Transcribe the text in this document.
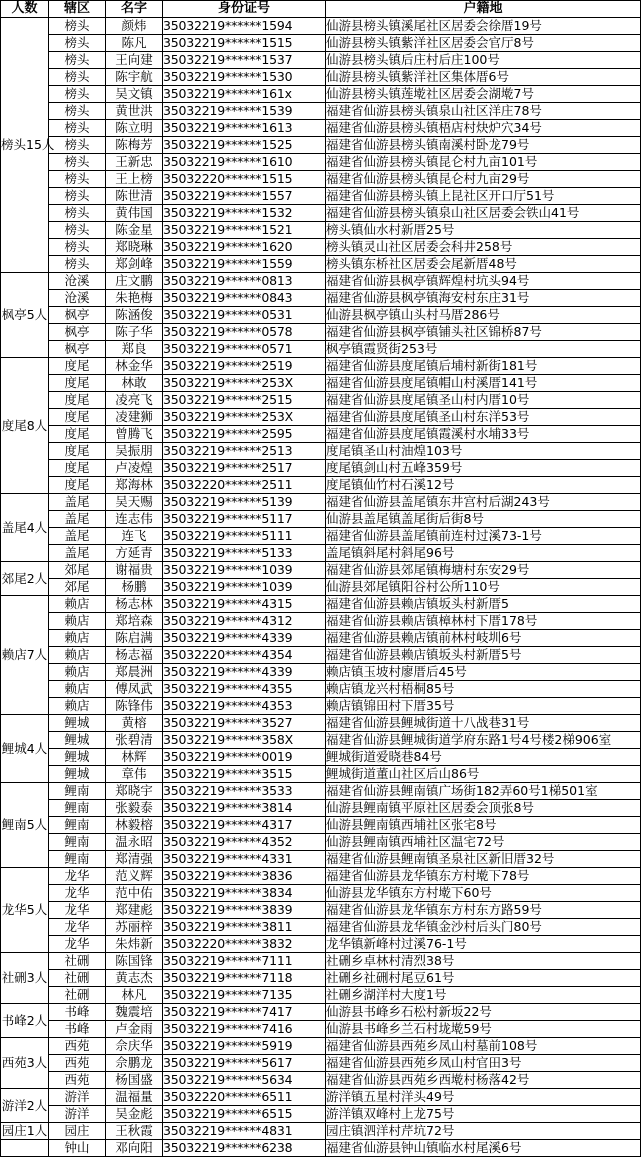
人数	辖区	名字	身份证号	户籍地
榜头15人	榜头	颜炜	35032219******1594	仙游县榜头镇溪尾社区居委会徐厝19号
	榜头	陈凡	35032219******1515	仙游县榜头镇紫洋社区居委会官厅8号
	榜头	王向建	35032219******1537	仙游县榜头镇后庄村后庄100号
	榜头	陈宇航	35032219******1530	仙游县榜头镇紫洋社区集体厝6号
	榜头	吴文镇	35032219******161x	仙游县榜头镇莲墘社区居委会湖墘7号
	榜头	黄世洪	35032219******1539	福建省仙游县榜头镇泉山社区洋庄78号
	榜头	陈立明	35032219******1613	福建省仙游县榜头镇梧店村炔炉穴34号
	榜头	陈梅芳	35032219******1525	福建省仙游县榜头镇南溪村卧龙79号
	榜头	王新忠	35032219******1610	福建省仙游县榜头镇昆仑村九亩101号
	榜头	王上榜	35032220******1515	福建省仙游县榜头镇昆仑村九亩29号
	榜头	陈世清	35032219******1557	福建省仙游县榜头镇上昆社区开口厅51号
	榜头	黄伟国	35032219******1532	福建省仙游县榜头镇泉山社区居委会铁山41号
	榜头	陈金星	35032219******1521	榜头镇仙水村新厝25号
	榜头	郑晓琳	35032219******1620	榜头镇灵山社区居委会科井258号
	榜头	郑剑峰	35032219******1559	榜头镇东桥社区居委会尾新厝48号
枫亭5人	沧溪	庄文鹏	35032219******0813	福建省仙游县枫亭镇辉煌村坑头94号
	沧溪	朱艳梅	35032219******0843	福建省仙游县枫亭镇海安村东庄31号
	枫亭	陈涵俊	35032219******0531	仙游县枫亭镇山头村马厝286号
	枫亭	陈子华	35032219******0578	福建省仙游县枫亭镇铺头社区锦桥87号
	枫亭	郑良	35032219******0571	枫亭镇霞贤街253号
度尾8人	度尾	林金华	35032219******2519	福建省仙游县度尾镇后埔村新街181号
	度尾	林敢	35032219******253X	福建省仙游县度尾镇帽山村溪厝141号
	度尾	凌亮飞	35032219******2515	福建省仙游县度尾镇圣山村内厝10号
	度尾	凌建狮	35032219******253X	福建省仙游县度尾镇圣山村东洋53号
	度尾	曾腾飞	35032219******2595	福建省仙游县度尾镇霞溪村水埔33号
	度尾	吴振朋	35032219******2513	度尾镇圣山村油煌103号
	度尾	卢凌煌	35032219******2517	度尾镇剑山村五峰359号
	度尾	郑海林	35032220******2511	度尾镇仙竹村石溪12号
盖尾4人	盖尾	吴天赐	35032219******5139	福建省仙游县盖尾镇东井宫村后湖243号
	盖尾	连志伟	35032219******5117	仙游县盖尾镇盖尾街后街8号
	盖尾	连飞	35032219******5111	福建省仙游县盖尾镇前连村过溪73-1号
	盖尾	方延青	35032219******5133	盖尾镇斜尾村斜尾96号
郊尾2人	郊尾	谢福贵	35032219******1039	福建省仙游县郊尾镇梅塘村东安29号
	郊尾	杨鹏	35032219******1039	仙游县郊尾镇阳谷村公所110号
赖店7人	赖店	杨志林	35032219******4315	福建省仙游县赖店镇坂头村新厝5
	赖店	郑培森	35032219******4312	福建省仙游县赖店镇樟林村下厝178号
	赖店	陈启满	35032219******4339	福建省仙游县赖店镇前林村岐圳6号
	赖店	杨志福	35032220******4354	福建省仙游县赖店镇坂头村新厝5号
	赖店	郑晨洲	35032219******4339	赖店镇玉坡村廖厝后45号
	赖店	傅凤武	35032219******4355	赖店镇龙兴村梧桐85号
	赖店	陈锋伟	35032219******4353	赖店镇锦田村下厝35号
鲤城4人	鲤城	黄榕	35032219******3527	福建省仙游县鲤城街道十八战巷31号
	鲤城	张碧清	35032219******358X	福建省仙游县鲤城街道学府东路1号4号楼2梯906室
	鲤城	林辉	35032219******0019	鲤城街道爱晓巷84号
	鲤城	章伟	35032219******3515	鲤城街道董山社区后山86号
鲤南5人	鲤南	郑晓宇	35032219******3533	福建省仙游县鲤南镇广场街182弄60号1梯501室
	鲤南	张毅泰	35032219******3814	仙游县鲤南镇平原社区居委会顶张8号
	鲤南	林毅榕	35032219******4317	仙游县鲤南镇西埔社区张宅8号
	鲤南	温永昭	35032219******4352	仙游县鲤南镇西埔社区温宅72号
	鲤南	郑清强	35032219******4331	福建省仙游县鲤南镇圣泉社区新旧厝32号
龙华5人	龙华	范义辉	35032219******3836	福建省仙游县龙华镇东方村墘下78号
	龙华	范中佑	35032219******3834	仙游县龙华镇东方村墘下60号
	龙华	郑建彪	35032219******3839	福建省仙游县龙华镇东方村东方路59号
	龙华	苏丽梓	35032219******3811	福建省仙游县龙华镇金沙村后头门80号
	龙华	朱炜新	35032220******3832	龙华镇新峰村过溪76-1号
社硎3人	社硎	陈国锋	35032219******7111	社硎乡卓林村清烈38号
	社硎	黄志杰	35032219******7118	社硎乡社硎村尾豆61号
	社硎	林凡	35032219******7135	社硎乡湖洋村大度1号
书峰2人	书峰	魏震培	35032219******7417	仙游县书峰乡石松村新坂22号
	书峰	卢金雨	35032219******7416	仙游县书峰乡兰石村垅墘59号
西苑3人	西苑	佘庆华	35032219******5919	福建省仙游县西苑乡凤山村墓前108号
	西苑	佘鹏龙	35032219******5617	福建省仙游县西苑乡凤山村官田3号
	西苑	杨国盛	35032219******5634	福建省仙游县西苑乡西墘村杨落42号
游洋2人	游洋	温福量	35032220******6511	游洋镇五星村洋头49号
	游洋	吴金彪	35032219******6515	游洋镇双峰村上龙75号
园庄1人	园庄	王秋霞	35032219******4831	园庄镇泗洋村芹坑72号
	钟山	邓向阳	35032219******6238	福建省仙游县钟山镇临水村尾溪6号
